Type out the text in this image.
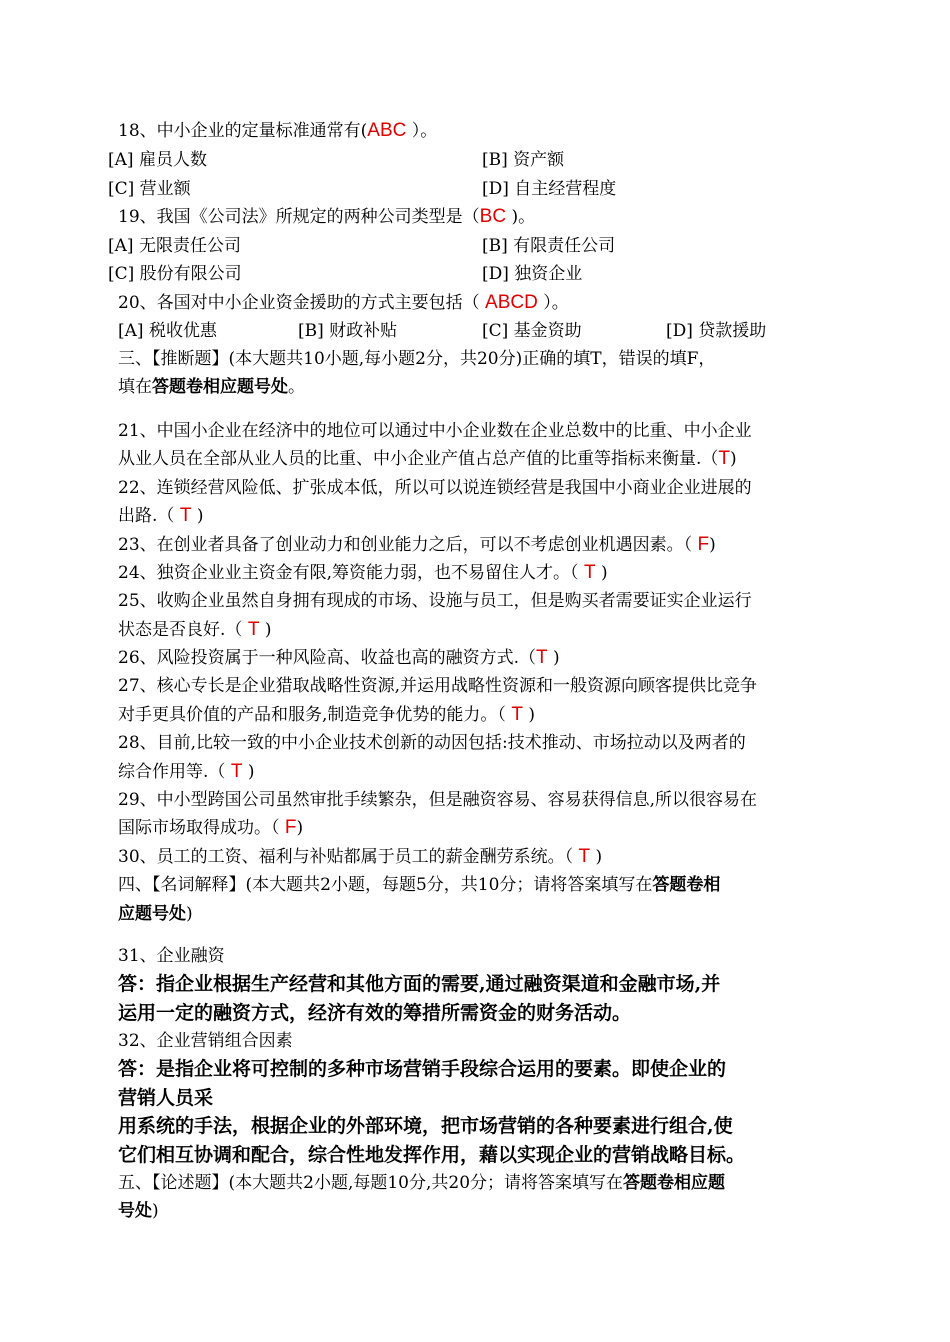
18、中小企业的定量标准通常有(ABC ）。
[A] 雇员人数	[B] 资产额
[C] 营业额	[D] 自主经营程度
19、我国《公司法》所规定的两种公司类型是（BC )。
[A] 无限责任公司	[B] 有限责任公司
[C] 股份有限公司	[D] 独资企业
20、各国对中小企业资金援助的方式主要包括（ ABCD ）。
[A] 税收优惠	[B] 财政补贴	[C] 基金资助	[D] 贷款援助
三、【推断题】(本大题共10小题,每小题2分，共20分)正确的填T，错误的填F，
填在答题卷相应题号处。
21、中国小企业在经济中的地位可以通过中小企业数在企业总数中的比重、中小企业
从业人员在全部从业人员的比重、中小企业产值占总产值的比重等指标来衡量.（T)
22、连锁经营风险低、扩张成本低，所以可以说连锁经营是我国中小商业企业进展的
出路.（ T )
23、在创业者具备了创业动力和创业能力之后，可以不考虑创业机遇因素。（ F)
24、独资企业业主资金有限,筹资能力弱，也不易留住人才。（ T )
25、收购企业虽然自身拥有现成的市场、设施与员工，但是购买者需要证实企业运行
状态是否良好.（ T )
26、风险投资属于一种风险高、收益也高的融资方式.（T )
27、核心专长是企业猎取战略性资源,并运用战略性资源和一般资源向顾客提供比竞争
对手更具价值的产品和服务,制造竞争优势的能力。（ T )
28、目前,比较一致的中小企业技术创新的动因包括:技术推动、市场拉动以及两者的
综合作用等.（ T )
29、中小型跨国公司虽然审批手续繁杂，但是融资容易、容易获得信息,所以很容易在
国际市场取得成功。（ F)
30、员工的工资、福利与补贴都属于员工的薪金酬劳系统。（ T )
四、【名词解释】(本大题共2小题，每题5分，共10分；请将答案填写在答题卷相
应题号处)
31、企业融资
答：指企业根据生产经营和其他方面的需要,通过融资渠道和金融市场,并
运用一定的融资方式，经济有效的筹措所需资金的财务活动。
32、企业营销组合因素
答：是指企业将可控制的多种市场营销手段综合运用的要素。即使企业的
营销人员采
用系统的手法，根据企业的外部环境，把市场营销的各种要素进行组合,使
它们相互协调和配合，综合性地发挥作用，藉以实现企业的营销战略目标。
五、【论述题】(本大题共2小题,每题10分,共20分；请将答案填写在答题卷相应题
号处)
